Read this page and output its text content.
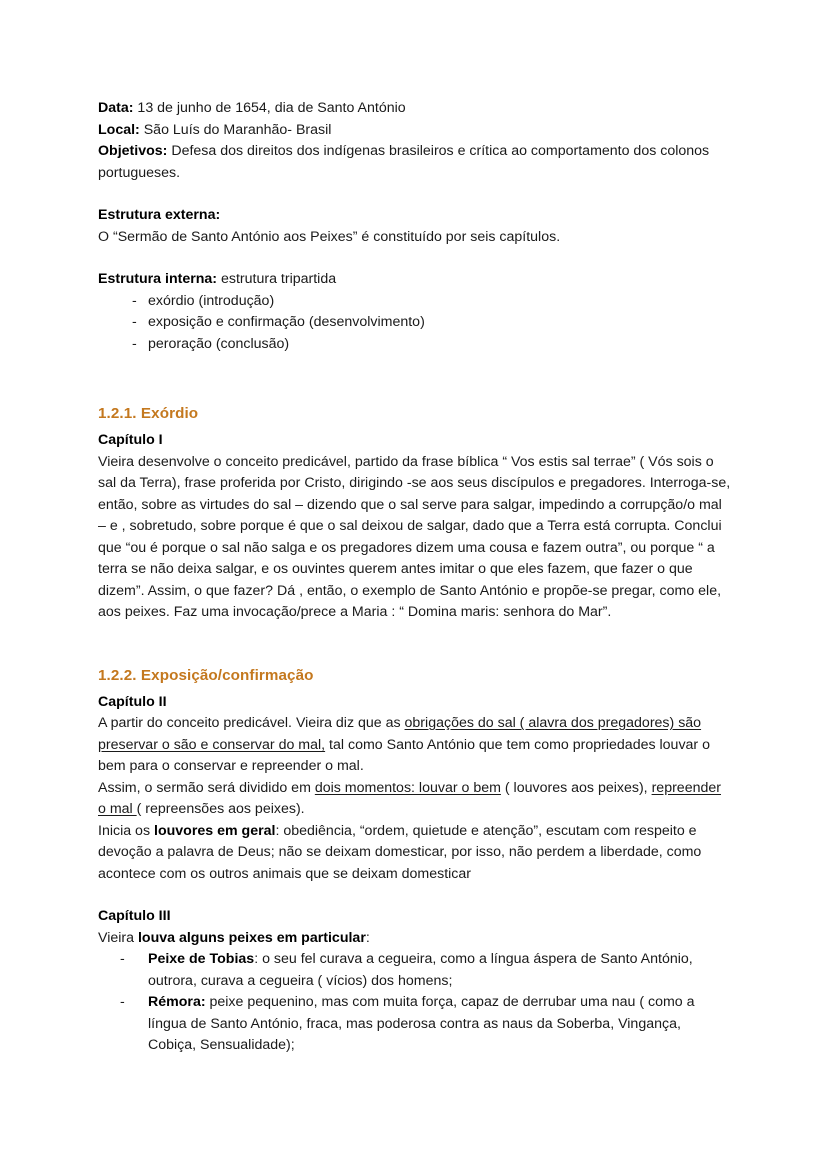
Data: 13 de junho de 1654, dia de Santo António
Local: São Luís do Maranhão- Brasil
Objetivos: Defesa dos direitos dos indígenas brasileiros e crítica ao comportamento dos colonos portugueses.
Estrutura externa:
O “Sermão de Santo António aos Peixes” é constituído por seis capítulos.
Estrutura interna: estrutura tripartida
- exórdio (introdução)
- exposição e confirmação (desenvolvimento)
- peroração (conclusão)
1.2.1. Exórdio
Capítulo I

Vieira desenvolve o conceito predicável, partido da frase bíblica “ Vos estis sal terrae” ( Vós sois o sal da Terra), frase proferida por Cristo, dirigindo -se aos seus discípulos e pregadores. Interroga-se, então, sobre as virtudes do sal – dizendo que o sal serve para salgar, impedindo a corrupção/o mal – e , sobretudo, sobre porque é que o sal deixou de salgar, dado que a Terra está corrupta. Conclui que “ou é porque o sal não salga e os pregadores dizem uma cousa e fazem outra”, ou porque “ a terra se não deixa salgar, e os ouvintes querem antes imitar o que eles fazem, que fazer o que dizem”. Assim, o que fazer? Dá , então, o exemplo de Santo António e propõe-se pregar, como ele, aos peixes. Faz uma invocação/prece a Maria : “ Domina maris: senhora do Mar”.

1.2.2. Exposição/confirmação
Capítulo II

A partir do conceito predicável. Vieira diz que as obrigações do sal ( alavra dos pregadores) são preservar o são e conservar do mal, tal como Santo António que tem como propriedades louvar o bem para o conservar e repreender o mal.

Assim, o sermão será dividido em dois momentos: louvar o bem ( louvores aos peixes), repreender o mal ( repreensões aos peixes).

Inicia os louvores em geral: obediência, “ordem, quietude e atenção”, escutam com respeito e devoção a palavra de Deus; não se deixam domesticar, por isso, não perdem a liberdade, como acontece com os outros animais que se deixam domesticar

Capítulo III
Vieira louva alguns peixes em particular:
- Peixe de Tobias: o seu fel curava a cegueira, como a língua áspera de Santo António, outrora, curava a cegueira ( vícios) dos homens;
- Rémora: peixe pequenino, mas com muita força, capaz de derrubar uma nau ( como a língua de Santo António, fraca, mas poderosa contra as naus da Soberba, Vingança, Cobiça, Sensualidade);
